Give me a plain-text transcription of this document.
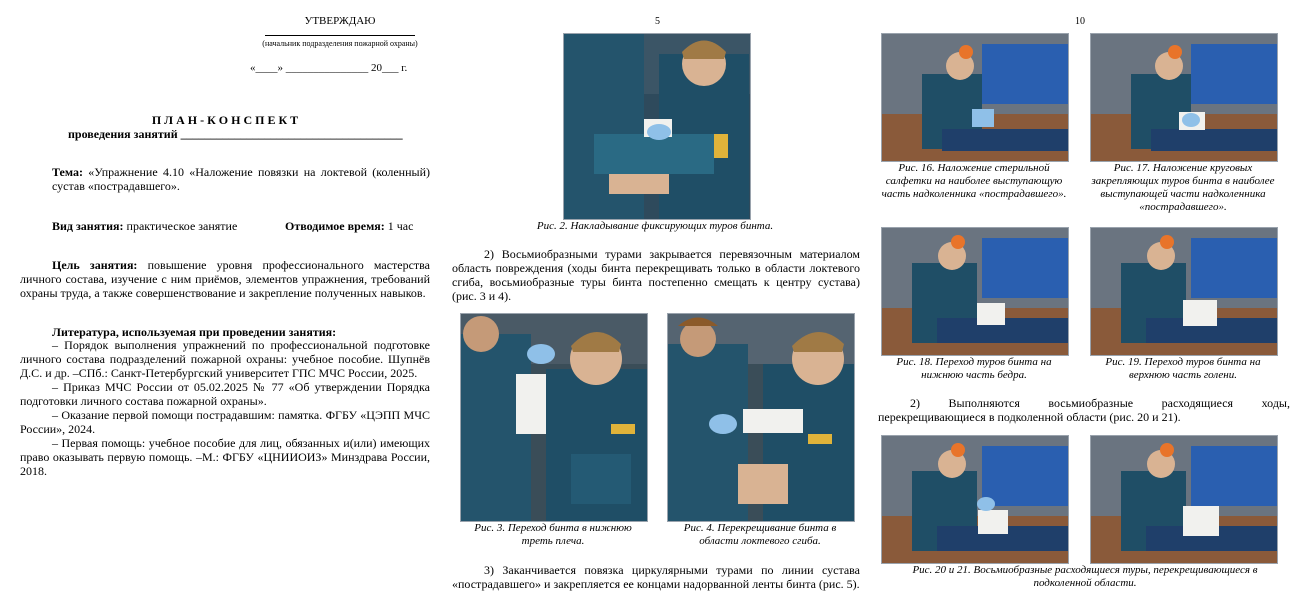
УТВЕРЖДАЮ
(начальник подразделения пожарной охраны)
«____» _______________ 20___ г.
П Л А Н - К О Н С П Е К Т
проведения занятий _____________________________________
Тема: «Упражнение 4.10 «Наложение повязки на локтевой (коленный) сустав «пострадавшего».
Вид занятия: практическое занятие	Отводимое время: 1 час
Цель занятия: повышение уровня профессионального мастерства личного состава, изучение с ним приёмов, элементов упражнения, требований охраны труда, а также совершенствование и закрепление полученных навыков.
Литература, используемая при проведении занятия:
– Порядок выполнения упражнений по профессиональной подготовке личного состава подразделений пожарной охраны: учебное пособие. Шупнёв Д.С. и др. –СПб.: Санкт-Петербургский университет ГПС МЧС России, 2025.
– Приказ МЧС России от 05.02.2025 № 77 «Об утверждении Порядка подготовки личного состава пожарной охраны».
– Оказание первой помощи пострадавшим: памятка. ФГБУ «ЦЭПП МЧС России», 2024.
– Первая помощь: учебное пособие для лиц, обязанных и(или) имеющих право оказывать первую помощь. –М.: ФГБУ «ЦНИИОИЗ» Минздрава России, 2018.
5
Рис. 2. Накладывание фиксирующих туров бинта.
2) Восьмиобразными турами закрывается перевязочным материалом область повреждения (ходы бинта перекрещивать только в области локтевого сгиба, восьмиобразные туры бинта постепенно смещать к центру сустава) (рис. 3 и 4).
Рис. 3. Переход бинта в нижнюю треть плеча.
Рис. 4. Перекрещивание бинта в области локтевого сгиба.
3) Заканчивается повязка циркулярными турами по линии сустава «пострадавшего» и закрепляется ее концами надорванной ленты бинта (рис. 5).
10
Рис. 16. Наложение стерильной салфетки на наиболее выступающую часть надколенника «пострадавшего».
Рис. 17. Наложение круговых закрепляющих туров бинта в наиболее выступающей части надколенника «пострадавшего».
Рис. 18. Переход туров бинта на нижнюю часть бедра.
Рис. 19. Переход туров бинта на верхнюю часть голени.
2) Выполняются восьмиобразные расходящиеся ходы, перекрещивающиеся в подколенной области (рис. 20 и 21).
Рис. 20 и 21. Восьмиобразные расходящиеся туры, перекрещивающиеся в подколенной области.
